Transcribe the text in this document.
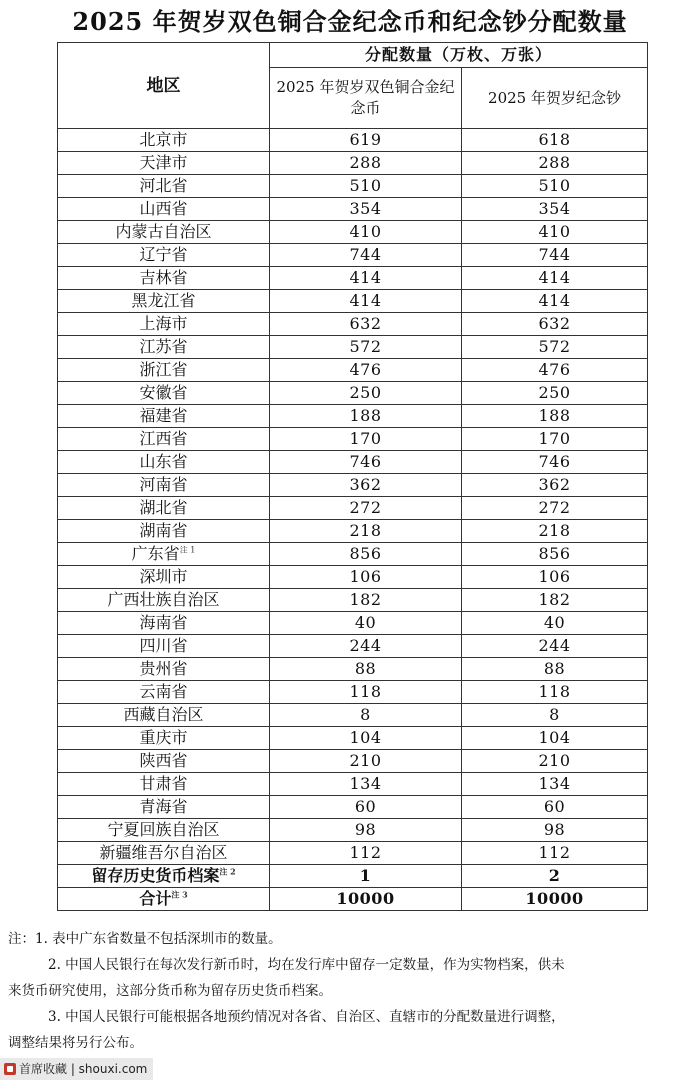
2025 年贺岁双色铜合金纪念币和纪念钞分配数量
地区	分配数量（万枚、万张）	
	2025 年贺岁双色铜合金纪念币	2025 年贺岁纪念钞
北京市	619	618
天津市	288	288
河北省	510	510
山西省	354	354
内蒙古自治区	410	410
辽宁省	744	744
吉林省	414	414
黑龙江省	414	414
上海市	632	632
江苏省	572	572
浙江省	476	476
安徽省	250	250
福建省	188	188
江西省	170	170
山东省	746	746
河南省	362	362
湖北省	272	272
湖南省	218	218
广东省$^{注 1}$	856	856
深圳市	106	106
广西壮族自治区	182	182
海南省	40	40
四川省	244	244
贵州省	88	88
云南省	118	118
西藏自治区	8	8
重庆市	104	104
陕西省	210	210
甘肃省	134	134
青海省	60	60
宁夏回族自治区	98	98
新疆维吾尔自治区	112	112
留存历史货币档案$^{注 2}$	1	2
合计$^{注 3}$	10000	10000

注：1. 表中广东省数量不包括深圳市的数量。

2. 中国人民银行在每次发行新币时，均在发行库中留存一定数量，作为实物档案，供未

来货币研究使用，这部分货币称为留存历史货币档案。

3. 中国人民银行可能根据各地预约情况对各省、自治区、直辖市的分配数量进行调整，

调整结果将另行公布。

首席收藏 | shouxi.com
